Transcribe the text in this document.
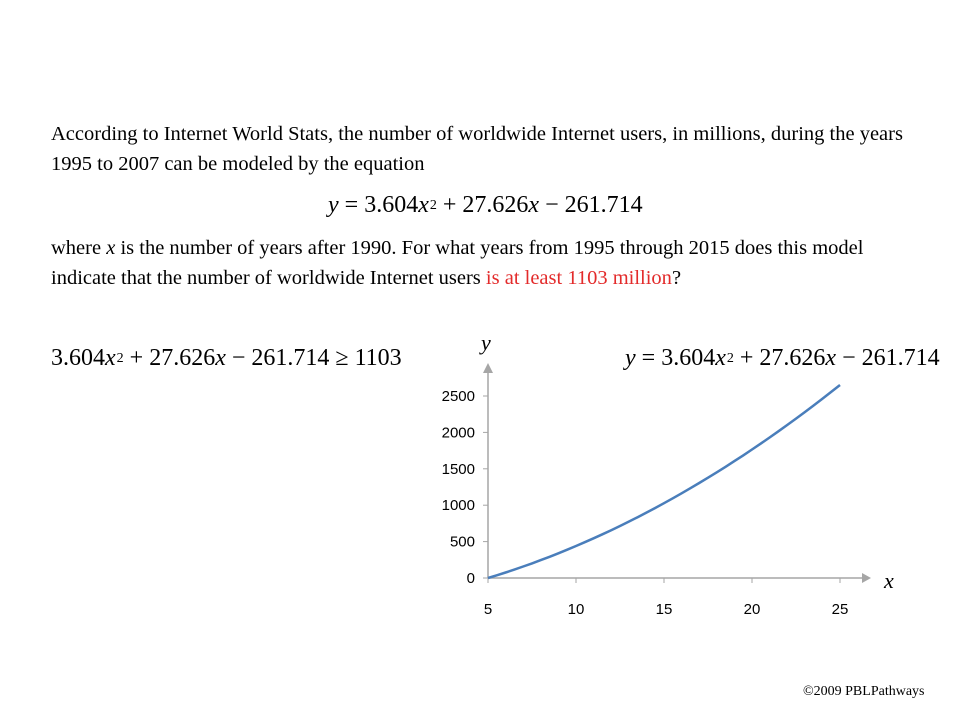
According to Internet World Stats, the number of worldwide Internet users, in millions, during the years 1995 to 2007 can be modeled by the equation

$y = 3.604x^2 + 27.626x - 261.714$

where x is the number of years after 1990. For what years from 1995 through 2015 does this model indicate that the number of worldwide Internet users is at least 1103 million?

$3.604x^2 + 27.626x - 261.714 \ge 1103$	$y = 3.604x^2 + 27.626x - 261.714$
0
500
1000
1500
2000
2500
5	10	15	20	25
y
x
©2009 PBLPathways
